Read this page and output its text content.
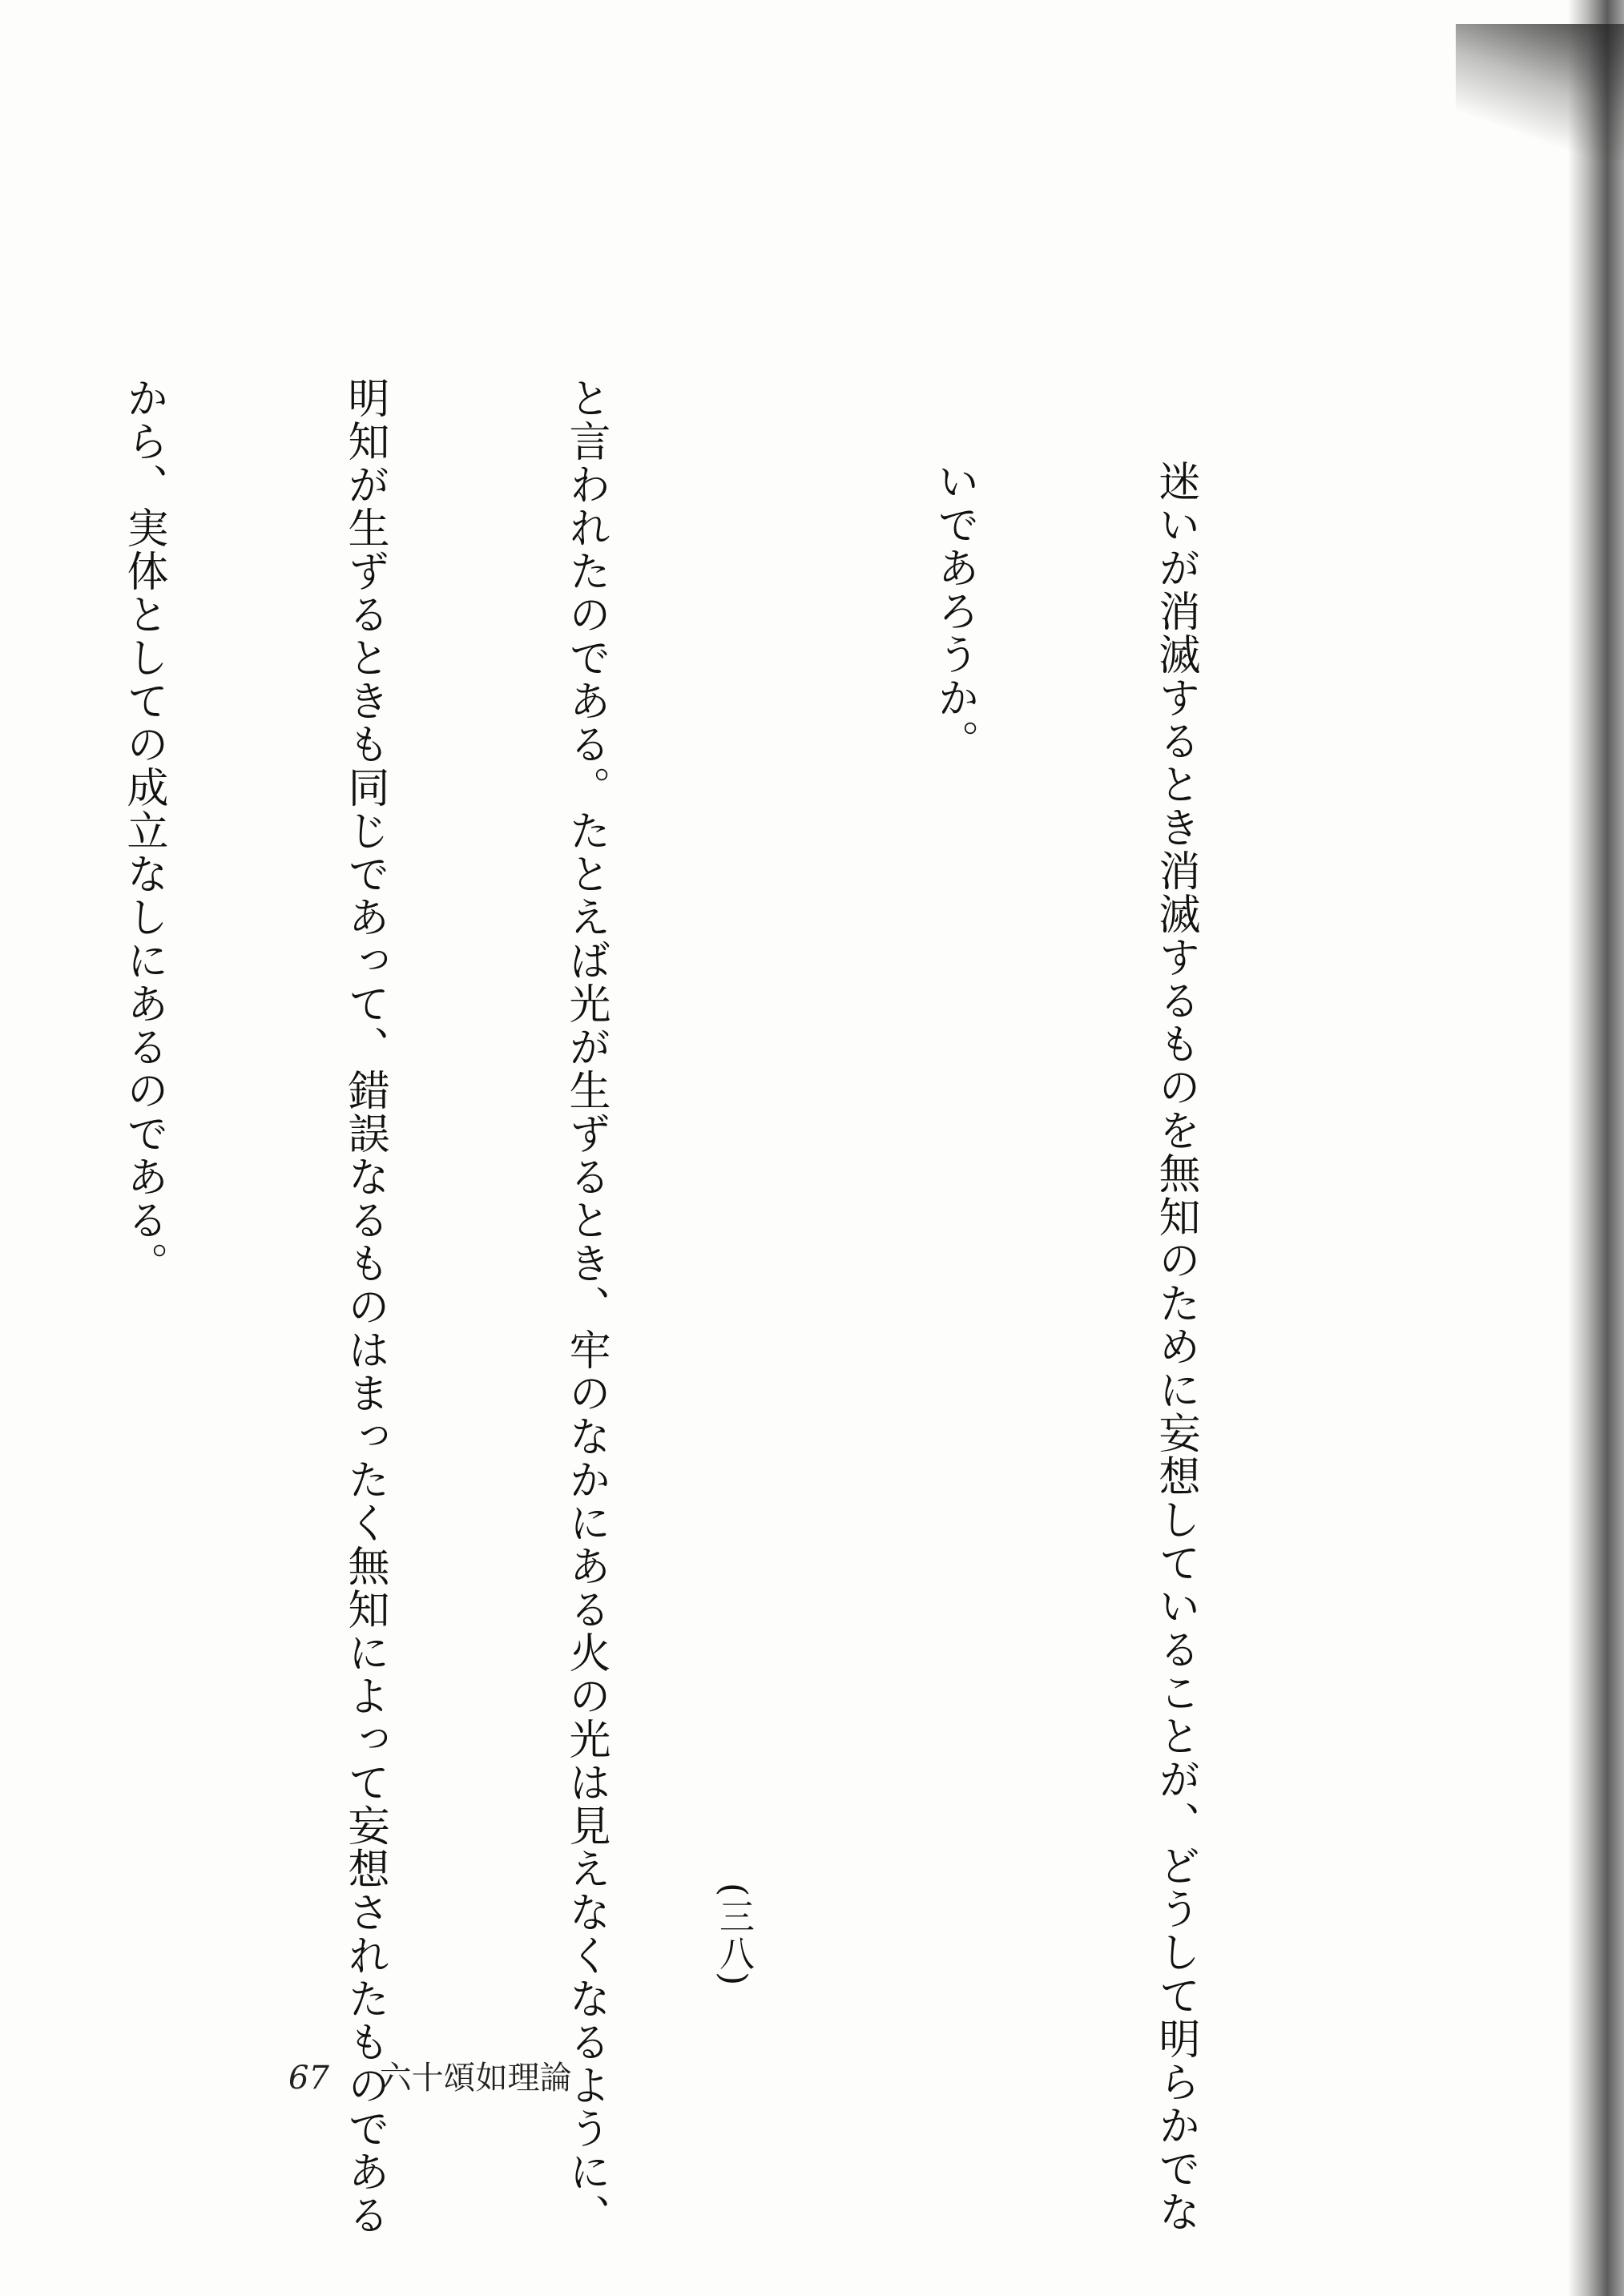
迷いが消滅するとき消滅するものを無知のために妄想していることが、どうして明らかでな

いであろうか。

(三八)

と言われたのである。たとえば光が生ずるとき、牢のなかにある火の光は見えなくなるように、

明知が生ずるときも同じであって、錯誤なるものはまったく無知によって妄想されたものである

から、実体としての成立なしにあるのである。

67 六十頌如理論
